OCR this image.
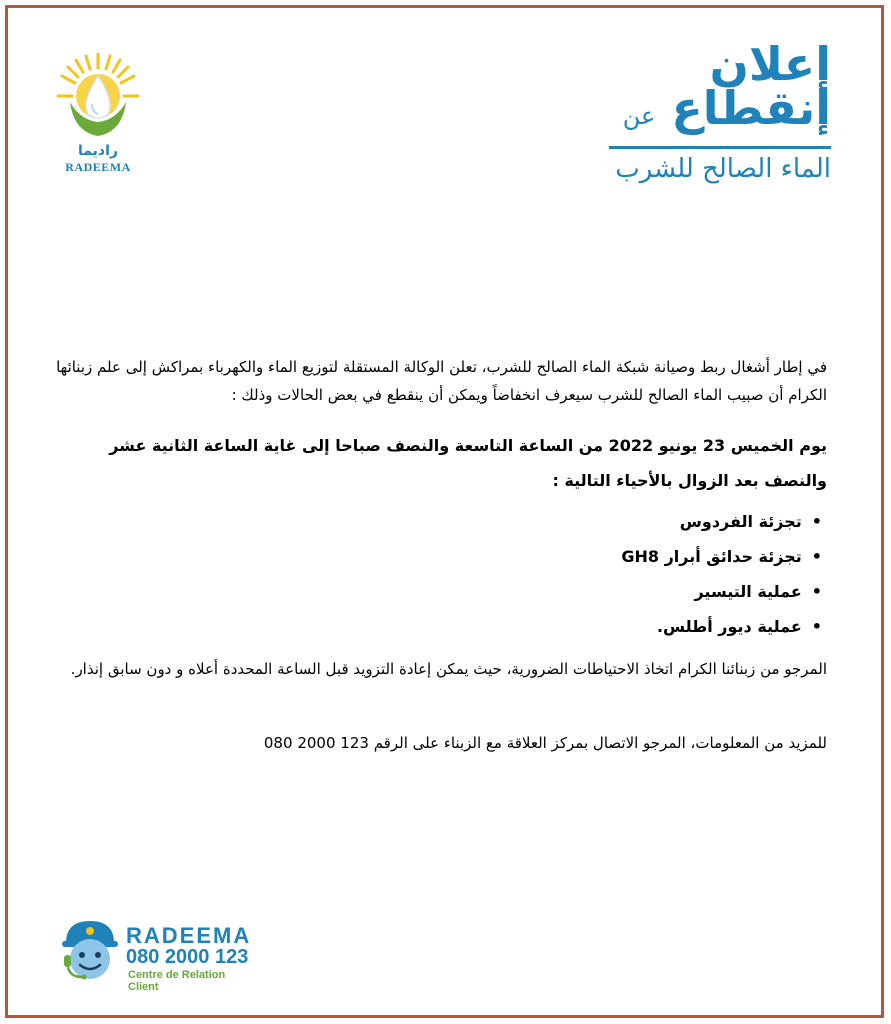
راديما
RADEEMA
إعلان
إنقطاع عن
الماء الصالح للشرب
في إطار أشغال ربط وصيانة شبكة الماء الصالح للشرب، تعلن الوكالة المستقلة لتوزيع الماء والكهرباء بمراكش إلى علم زبنائها الكرام أن صبيب الماء الصالح للشرب سيعرف انخفاضاً ويمكن أن ينقطع في بعض الحالات وذلك :
يوم الخميس 23 يونيو 2022 من الساعة التاسعة والنصف صباحا إلى غاية الساعة الثانية عشر والنصف بعد الزوال بالأحياء التالية :
•تجزئة الفردوس
•تجزئة حدائق أبرار GH8
•عملية التيسير
•عملية ديور أطلس.
المرجو من زبنائنا الكرام اتخاذ الاحتياطات الضرورية، حيث يمكن إعادة التزويد قبل الساعة المحددة أعلاه و دون سابق إنذار.
للمزيد من المعلومات، المرجو الاتصال بمركز العلاقة مع الزبناء على الرقم 123 2000 080
RADEEMA
080 2000 123
Centre de Relation Client
